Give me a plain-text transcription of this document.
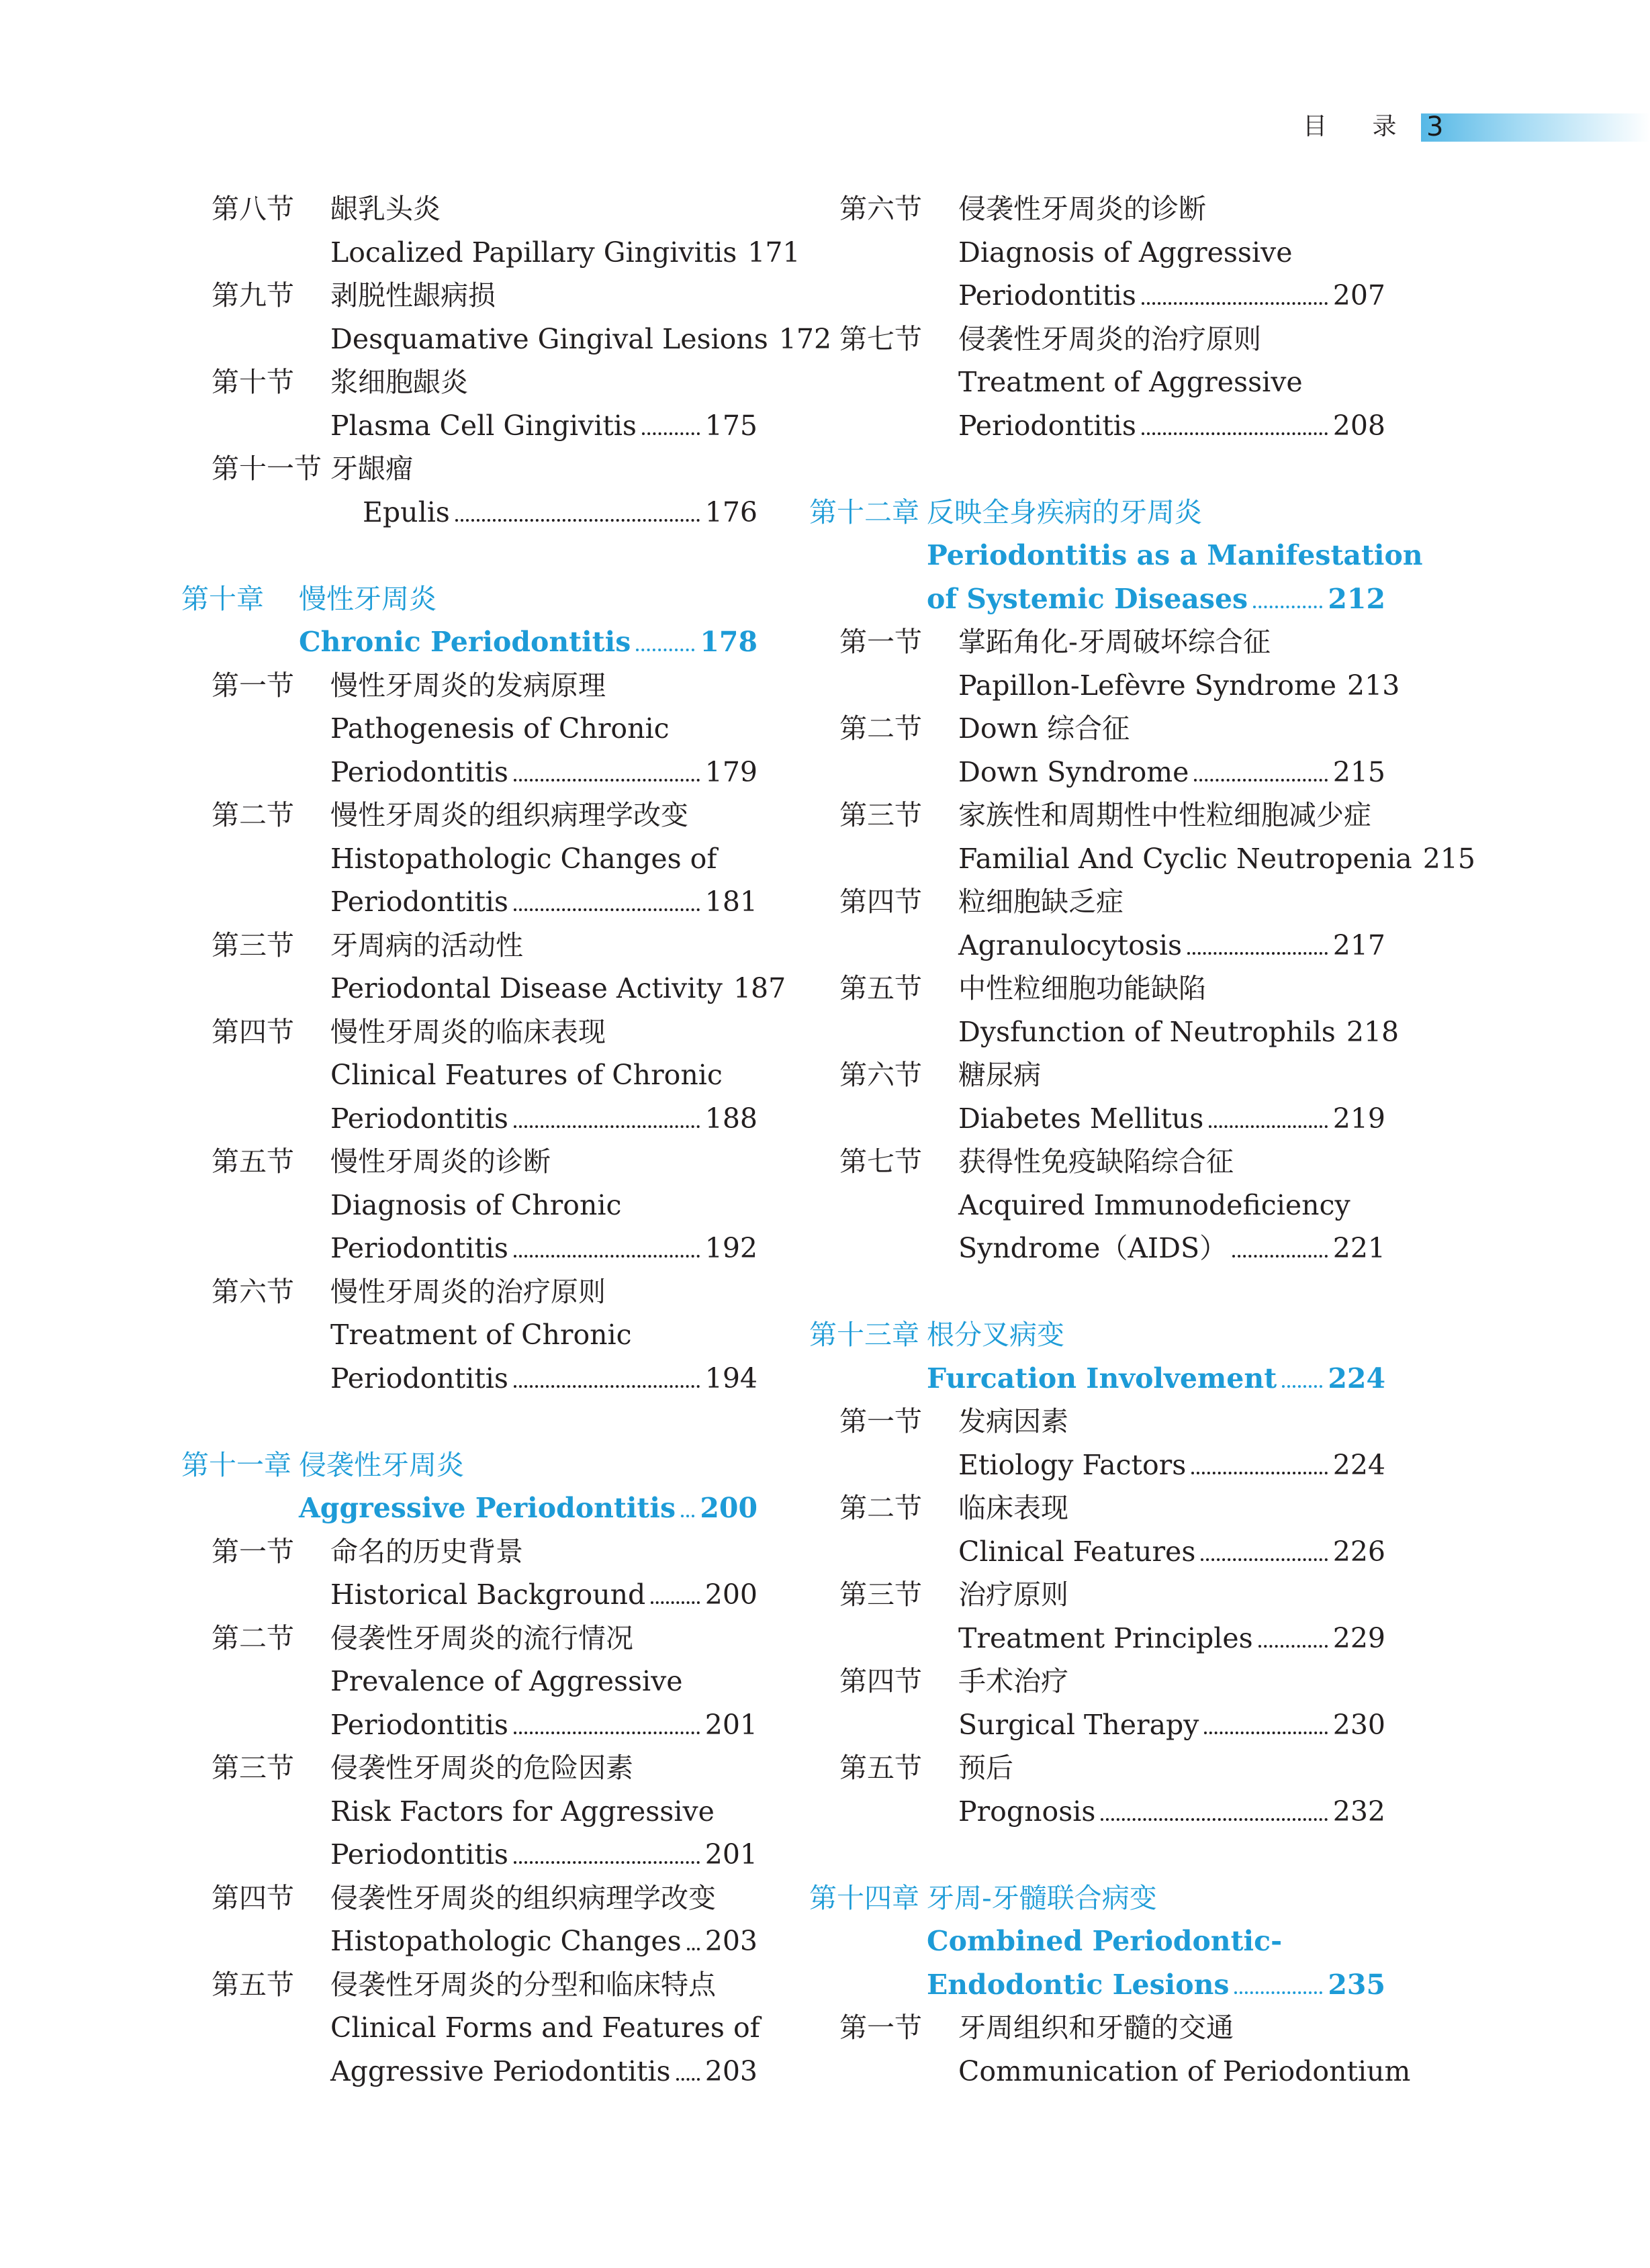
目 录 3
第八节 龈乳头炎
Localized Papillary Gingivitis 171
第九节 剥脱性龈病损
Desquamative Gingival Lesions 172
第十节 浆细胞龈炎
Plasma Cell Gingivitis 175
第十一节 牙龈瘤
Epulis	176
第十章 慢性牙周炎
Chronic Periodontitis	178
第一节 慢性牙周炎的发病原理
Pathogenesis of Chronic
Periodontitis	179
第二节 慢性牙周炎的组织病理学改变
Histopathologic Changes of
Periodontitis	181
第三节 牙周病的活动性
Periodontal Disease Activity 187
第四节 慢性牙周炎的临床表现
Clinical Features of Chronic
Periodontitis	188
第五节 慢性牙周炎的诊断
Diagnosis of Chronic
Periodontitis	192
第六节 慢性牙周炎的治疗原则
Treatment of Chronic
Periodontitis	194
第十一章 侵袭性牙周炎
Aggressive Periodontitis 200
第一节 命名的历史背景
Historical Background 200
第二节 侵袭性牙周炎的流行情况
Prevalence of Aggressive
Periodontitis	201
第三节 侵袭性牙周炎的危险因素
Risk Factors for Aggressive
Periodontitis	201
第四节 侵袭性牙周炎的组织病理学改变
Histopathologic Changes 203
第五节 侵袭性牙周炎的分型和临床特点
Clinical Forms and Features of
Aggressive Periodontitis 203
第六节 侵袭性牙周炎的诊断
Diagnosis of Aggressive
Periodontitis	207
第七节 侵袭性牙周炎的治疗原则
Treatment of Aggressive
Periodontitis	208
第十二章 反映全身疾病的牙周炎
Periodontitis as a Manifestation
of Systemic Diseases	212
第一节 掌跖角化-牙周破坏综合征
Papillon-Lefèvre Syndrome 213
第二节 Down 综合征
Down Syndrome	215
第三节 家族性和周期性中性粒细胞减少症
Familial And Cyclic Neutropenia 215
第四节 粒细胞缺乏症
Agranulocytosis	217
第五节 中性粒细胞功能缺陷
Dysfunction of Neutrophils 218
第六节 糖尿病
Diabetes Mellitus	219
第七节 获得性免疫缺陷综合征
Acquired Immunodeficiency
Syndrome（AIDS）	221
第十三章 根分叉病变
Furcation Involvement 224
第一节 发病因素
Etiology Factors	224
第二节 临床表现
Clinical Features	226
第三节 治疗原则
Treatment Principles	229
第四节 手术治疗
Surgical Therapy	230
第五节 预后
Prognosis	232
第十四章 牙周-牙髓联合病变
Combined Periodontic-
Endodontic Lesions	235
第一节 牙周组织和牙髓的交通
Communication of Periodontium
